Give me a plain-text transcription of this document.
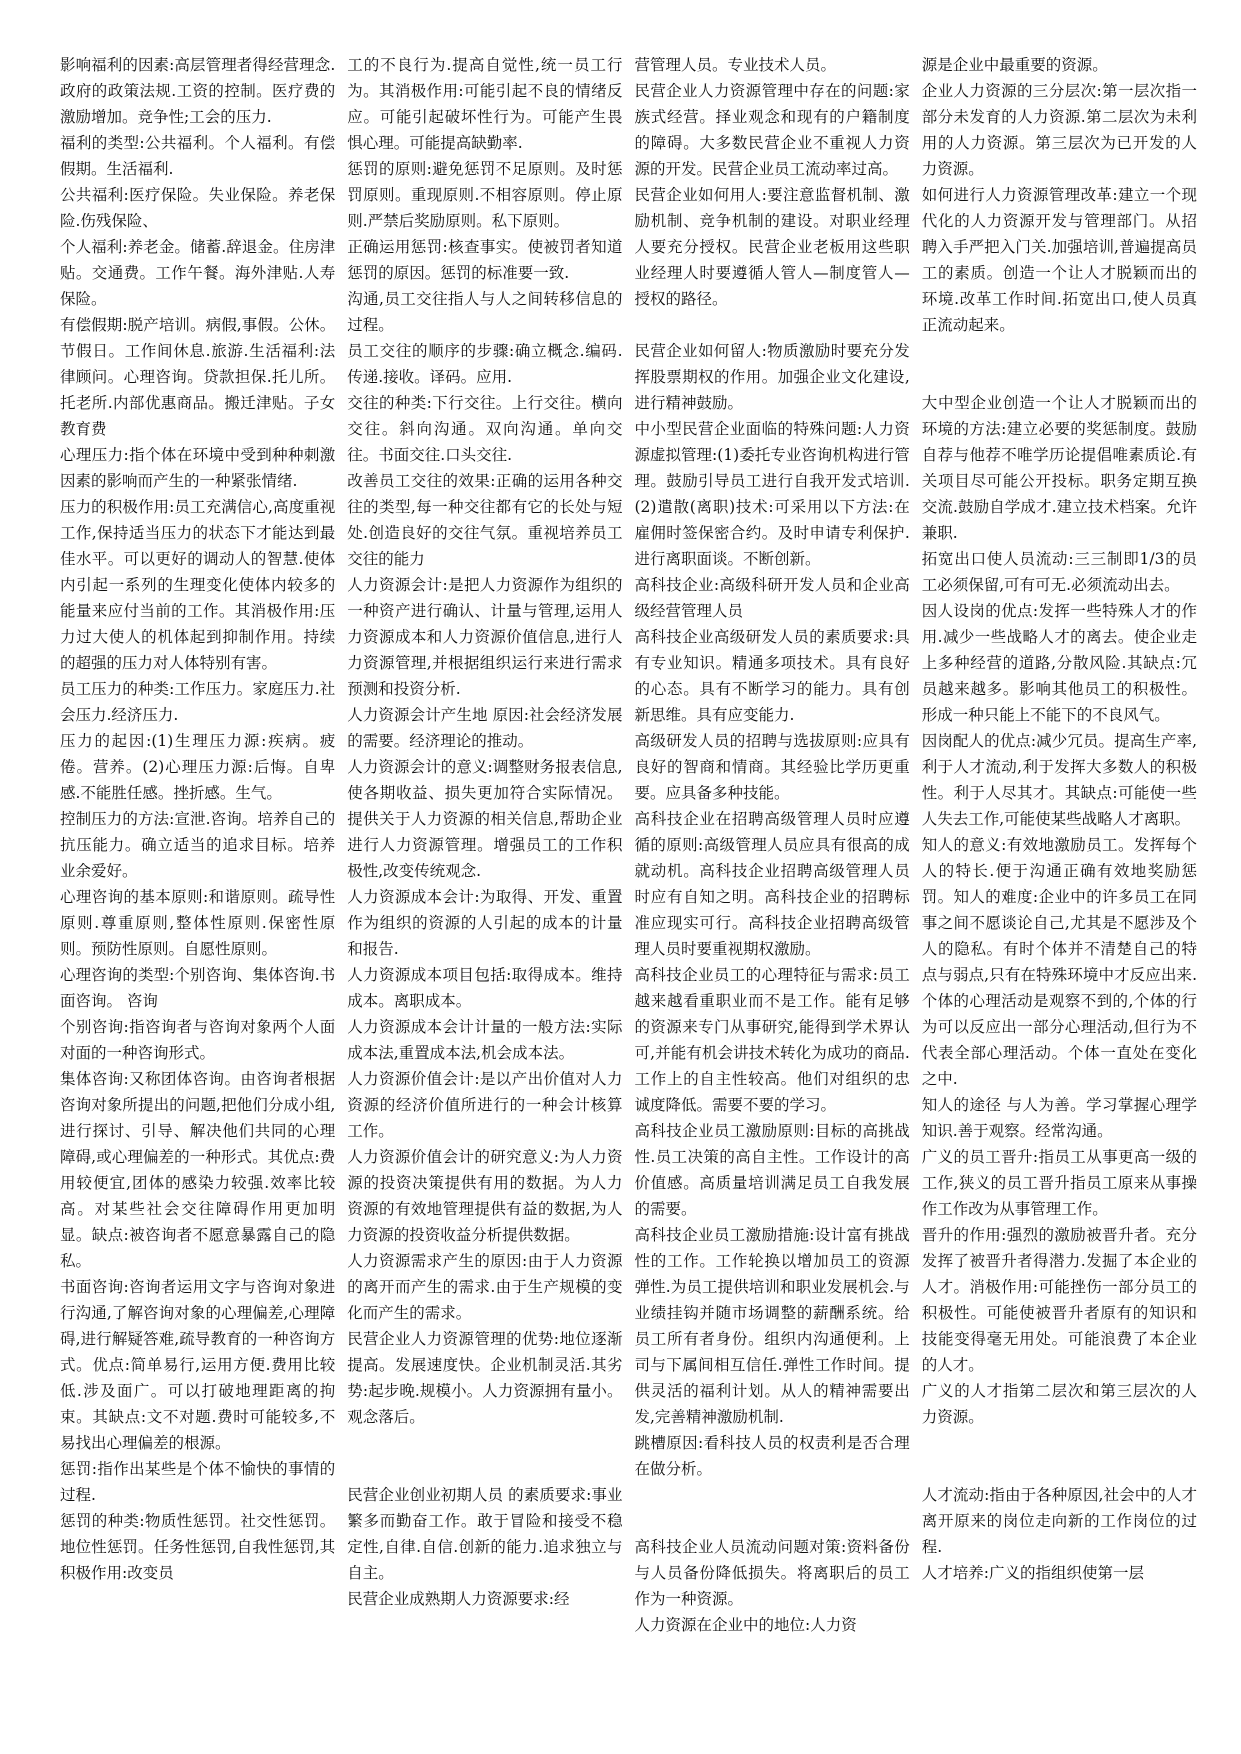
影响福利的因素:高层管理者得经营理念.政府的政策法规.工资的控制。医疗费的激励增加。竞争性;工会的压力.

福利的类型:公共福利。个人福利。有偿假期。生活福利.

公共福利:医疗保险。失业保险。养老保险.伤残保险、

个人福利:养老金。储蓄.辞退金。住房津贴。交通费。工作午餐。海外津贴.人寿保险。

有偿假期:脱产培训。病假,事假。公休。节假日。工作间休息.旅游.生活福利:法律顾问。心理咨询。贷款担保.托儿所。托老所.内部优惠商品。搬迁津贴。子女教育费

心理压力:指个体在环境中受到种种刺激因素的影响而产生的一种紧张情绪.

压力的积极作用:员工充满信心,高度重视工作,保持适当压力的状态下才能达到最佳水平。可以更好的调动人的智慧.使体内引起一系列的生理变化使体内较多的能量来应付当前的工作。其消极作用:压力过大使人的机体起到抑制作用。持续的超强的压力对人体特别有害。

员工压力的种类:工作压力。家庭压力.社会压力.经济压力.

压力的起因:(1)生理压力源:疾病。疲倦。营养。(2)心理压力源:后悔。自卑感.不能胜任感。挫折感。生气。

控制压力的方法:宣泄.咨询。培养自己的抗压能力。确立适当的追求目标。培养业余爱好。

心理咨询的基本原则:和谐原则。疏导性原则.尊重原则,整体性原则.保密性原则。预防性原则。自愿性原则。

心理咨询的类型:个别咨询、集体咨询.书面咨询。 咨询

个别咨询:指咨询者与咨询对象两个人面对面的一种咨询形式。

集体咨询:又称团体咨询。由咨询者根据咨询对象所提出的问题,把他们分成小组,进行探讨、引导、解决他们共同的心理障碍,或心理偏差的一种形式。其优点:费用较便宜,团体的感染力较强.效率比较高。对某些社会交往障碍作用更加明显。缺点:被咨询者不愿意暴露自己的隐私。

书面咨询:咨询者运用文字与咨询对象进行沟通,了解咨询对象的心理偏差,心理障碍,进行解疑答难,疏导教育的一种咨询方式。优点:简单易行,运用方便.费用比较低.涉及面广。可以打破地理距离的拘束。其缺点:文不对题.费时可能较多,不易找出心理偏差的根源。

惩罚:指作出某些是个体不愉快的事情的过程.

惩罚的种类:物质性惩罚。社交性惩罚。地位性惩罚。任务性惩罚,自我性惩罚,其积极作用:改变员

工的不良行为.提高自觉性,统一员工行为。其消极作用:可能引起不良的情绪反应。可能引起破坏性行为。可能产生畏惧心理。可能提高缺勤率.

惩罚的原则:避免惩罚不足原则。及时惩罚原则。重现原则.不相容原则。停止原则.严禁后奖励原则。私下原则。

正确运用惩罚:核查事实。使被罚者知道惩罚的原因。惩罚的标准要一致.

沟通,员工交往指人与人之间转移信息的过程。

员工交往的顺序的步骤:确立概念.编码.传递.接收。译码。应用.

交往的种类:下行交往。上行交往。横向交往。斜向沟通。双向沟通。单向交往。书面交往.口头交往.

改善员工交往的效果:正确的运用各种交往的类型,每一种交往都有它的长处与短处.创造良好的交往气氛。重视培养员工交往的能力

人力资源会计:是把人力资源作为组织的一种资产进行确认、计量与管理,运用人力资源成本和人力资源价值信息,进行人力资源管理,并根据组织运行来进行需求预测和投资分析.

人力资源会计产生地 原因:社会经济发展的需要。经济理论的推动。

人力资源会计的意义:调整财务报表信息,使各期收益、损失更加符合实际情况。提供关于人力资源的相关信息,帮助企业进行人力资源管理。增强员工的工作积极性,改变传统观念.

人力资源成本会计:为取得、开发、重置作为组织的资源的人引起的成本的计量和报告.

人力资源成本项目包括:取得成本。维持成本。离职成本。

人力资源成本会计计量的一般方法:实际成本法,重置成本法,机会成本法。

人力资源价值会计:是以产出价值对人力资源的经济价值所进行的一种会计核算工作。

人力资源价值会计的研究意义:为人力资源的投资决策提供有用的数据。为人力资源的有效地管理提供有益的数据,为人力资源的投资收益分析提供数据。

人力资源需求产生的原因:由于人力资源的离开而产生的需求.由于生产规模的变化而产生的需求。

民营企业人力资源管理的优势:地位逐渐提高。发展速度快。企业机制灵活.其劣势:起步晚.规模小。人力资源拥有量小。观念落后。

民营企业创业初期人员 的素质要求:事业繁多而勤奋工作。敢于冒险和接受不稳定性,自律.自信.创新的能力.追求独立与自主。

民营企业成熟期人力资源要求:经

营管理人员。专业技术人员。

民营企业人力资源管理中存在的问题:家族式经营。择业观念和现有的户籍制度的障碍。大多数民营企业不重视人力资源的开发。民营企业员工流动率过高。

民营企业如何用人:要注意监督机制、激励机制、竞争机制的建设。对职业经理人要充分授权。民营企业老板用这些职业经理人时要遵循人管人—制度管人—授权的路径。

民营企业如何留人:物质激励时要充分发挥股票期权的作用。加强企业文化建设,进行精神鼓励。

中小型民营企业面临的特殊问题:人力资源虚拟管理:(1)委托专业咨询机构进行管理。鼓励引导员工进行自我开发式培训.(2)遣散(离职)技术:可采用以下方法:在雇佣时签保密合约。及时申请专利保护.进行离职面谈。不断创新。

高科技企业:高级科研开发人员和企业高级经营管理人员

高科技企业高级研发人员的素质要求:具有专业知识。精通多项技术。具有良好的心态。具有不断学习的能力。具有创新思维。具有应变能力.

高级研发人员的招聘与选拔原则:应具有良好的智商和情商。其经验比学历更重要。应具备多种技能。

高科技企业在招聘高级管理人员时应遵循的原则:高级管理人员应具有很高的成就动机。高科技企业招聘高级管理人员时应有自知之明。高科技企业的招聘标准应现实可行。高科技企业招聘高级管理人员时要重视期权激励。

高科技企业员工的心理特征与需求:员工越来越看重职业而不是工作。能有足够的资源来专门从事研究,能得到学术界认可,并能有机会讲技术转化为成功的商品.工作上的自主性较高。他们对组织的忠诚度降低。需要不要的学习。

高科技企业员工激励原则:目标的高挑战性.员工决策的高自主性。工作设计的高价值感。高质量培训满足员工自我发展的需要。

高科技企业员工激励措施:设计富有挑战性的工作。工作轮换以增加员工的资源弹性.为员工提供培训和职业发展机会.与业绩挂钩并随市场调整的薪酬系统。给员工所有者身份。组织内沟通便利。上司与下属间相互信任.弹性工作时间。提供灵活的福利计划。从人的精神需要出发,完善精神激励机制.

跳槽原因:看科技人员的权责利是否合理在做分析。

高科技企业人员流动问题对策:资料备份与人员备份降低损失。将离职后的员工作为一种资源。

人力资源在企业中的地位:人力资

源是企业中最重要的资源。

企业人力资源的三分层次:第一层次指一部分未发育的人力资源.第二层次为未利用的人力资源。第三层次为已开发的人力资源。

如何进行人力资源管理改革:建立一个现代化的人力资源开发与管理部门。从招聘入手严把入门关.加强培训,普遍提高员工的素质。创造一个让人才脱颖而出的环境.改革工作时间.拓宽出口,使人员真正流动起来。

大中型企业创造一个让人才脱颖而出的环境的方法:建立必要的奖惩制度。鼓励自荐与他荐不唯学历论提倡唯素质论.有关项目尽可能公开投标。职务定期互换交流.鼓励自学成才.建立技术档案。允许兼职.

拓宽出口使人员流动:三三制即1/3的员工必须保留,可有可无.必须流动出去。

因人设岗的优点:发挥一些特殊人才的作用.减少一些战略人才的离去。使企业走上多种经营的道路,分散风险.其缺点:冗员越来越多。影响其他员工的积极性。形成一种只能上不能下的不良风气。

因岗配人的优点:减少冗员。提高生产率,利于人才流动,利于发挥大多数人的积极性。利于人尽其才。其缺点:可能使一些人失去工作,可能使某些战略人才离职。

知人的意义:有效地激励员工。发挥每个人的特长.便于沟通正确有效地奖励惩罚。知人的难度:企业中的许多员工在同事之间不愿谈论自己,尤其是不愿涉及个人的隐私。有时个体并不清楚自己的特点与弱点,只有在特殊环境中才反应出来.个体的心理活动是观察不到的,个体的行为可以反应出一部分心理活动,但行为不代表全部心理活动。个体一直处在变化之中.

知人的途径 与人为善。学习掌握心理学知识.善于观察。经常沟通。

广义的员工晋升:指员工从事更高一级的工作,狭义的员工晋升指员工原来从事操作工作改为从事管理工作。

晋升的作用:强烈的激励被晋升者。充分发挥了被晋升者得潜力.发掘了本企业的人才。消极作用:可能挫伤一部分员工的积极性。可能使被晋升者原有的知识和技能变得毫无用处。可能浪费了本企业的人才。

广义的人才指第二层次和第三层次的人力资源。

人才流动:指由于各种原因,社会中的人才离开原来的岗位走向新的工作岗位的过程.

人才培养:广义的指组织使第一层
